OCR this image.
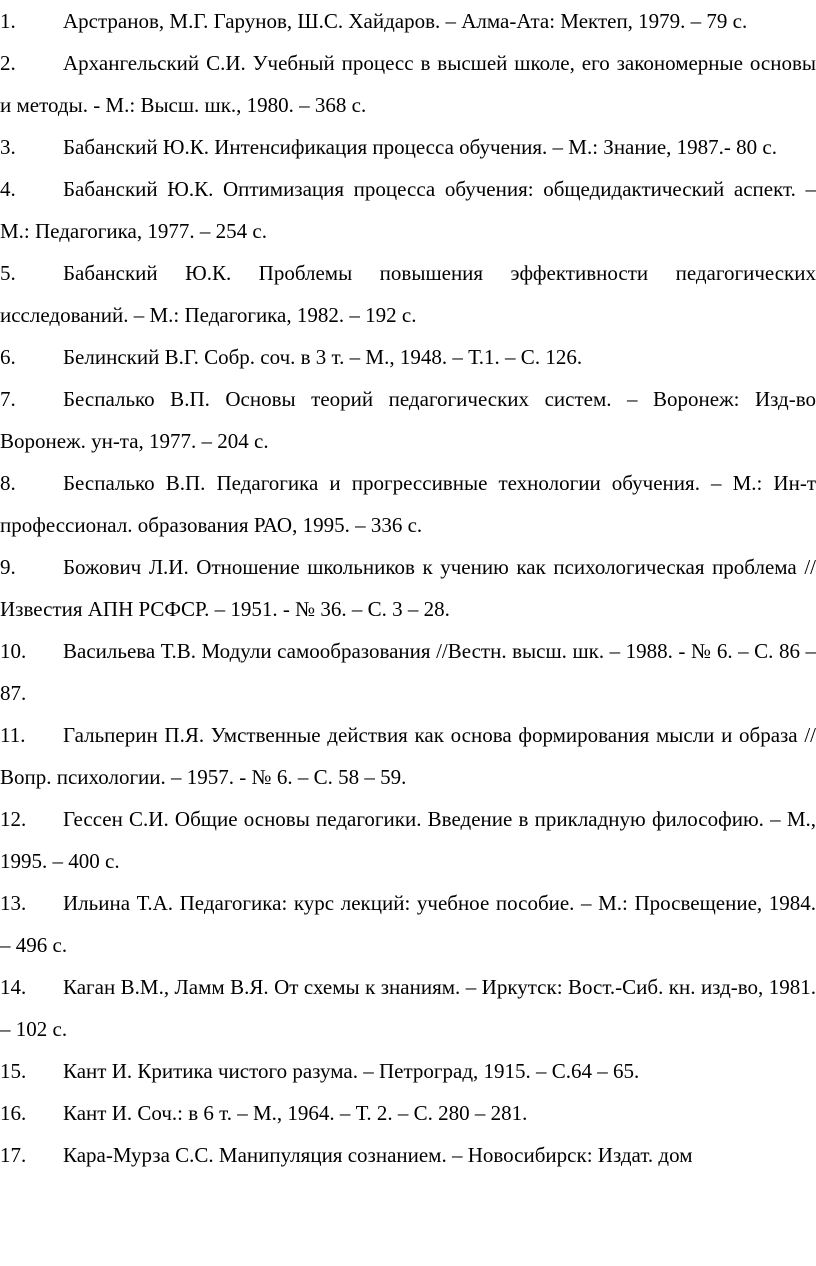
1. Арстранов, М.Г. Гарунов, Ш.С. Хайдаров. – Алма-Ата: Мектеп, 1979. – 79 с.
2. Архангельский С.И. Учебный процесс в высшей школе, его закономерные основы и методы. - М.: Высш. шк., 1980. – 368 с.
3. Бабанский Ю.К. Интенсификация процесса обучения. – М.: Знание, 1987.- 80 с.
4. Бабанский Ю.К. Оптимизация процесса обучения: общедидактический аспект. – М.: Педагогика, 1977. – 254 с.
5. Бабанский Ю.К. Проблемы повышения эффективности педагогических исследований. – М.: Педагогика, 1982. – 192 с.
6. Белинский В.Г. Собр. соч. в 3 т. – М., 1948. – Т.1. – С. 126.
7. Беспалько В.П. Основы теорий педагогических систем. – Воронеж: Изд-во Воронеж. ун-та, 1977. – 204 с.
8. Беспалько В.П. Педагогика и прогрессивные технологии обучения. – М.: Ин-т профессионал. образования РАО, 1995. – 336 с.
9. Божович Л.И. Отношение школьников к учению как психологическая проблема // Известия АПН РСФСР. – 1951. - № 36. – С. 3 – 28.
10. Васильева Т.В. Модули самообразования //Вестн. высш. шк. – 1988. - № 6. – С. 86 – 87.
11. Гальперин П.Я. Умственные действия как основа формирования мысли и образа // Вопр. психологии. – 1957. - № 6. – С. 58 – 59.
12. Гессен С.И. Общие основы педагогики. Введение в прикладную философию. – М., 1995. – 400 с.
13. Ильина Т.А. Педагогика: курс лекций: учебное пособие. – М.: Просвещение, 1984. – 496 с.
14. Каган В.М., Ламм В.Я. От схемы к знаниям. – Иркутск: Вост.-Сиб. кн. изд-во, 1981. – 102 с.
15. Кант И. Критика чистого разума. – Петроград, 1915. – С.64 – 65.
16. Кант И. Соч.: в 6 т. – М., 1964. – Т. 2. – С. 280 – 281.
17. Кара-Мурза С.С. Манипуляция сознанием. – Новосибирск: Издат. дом
